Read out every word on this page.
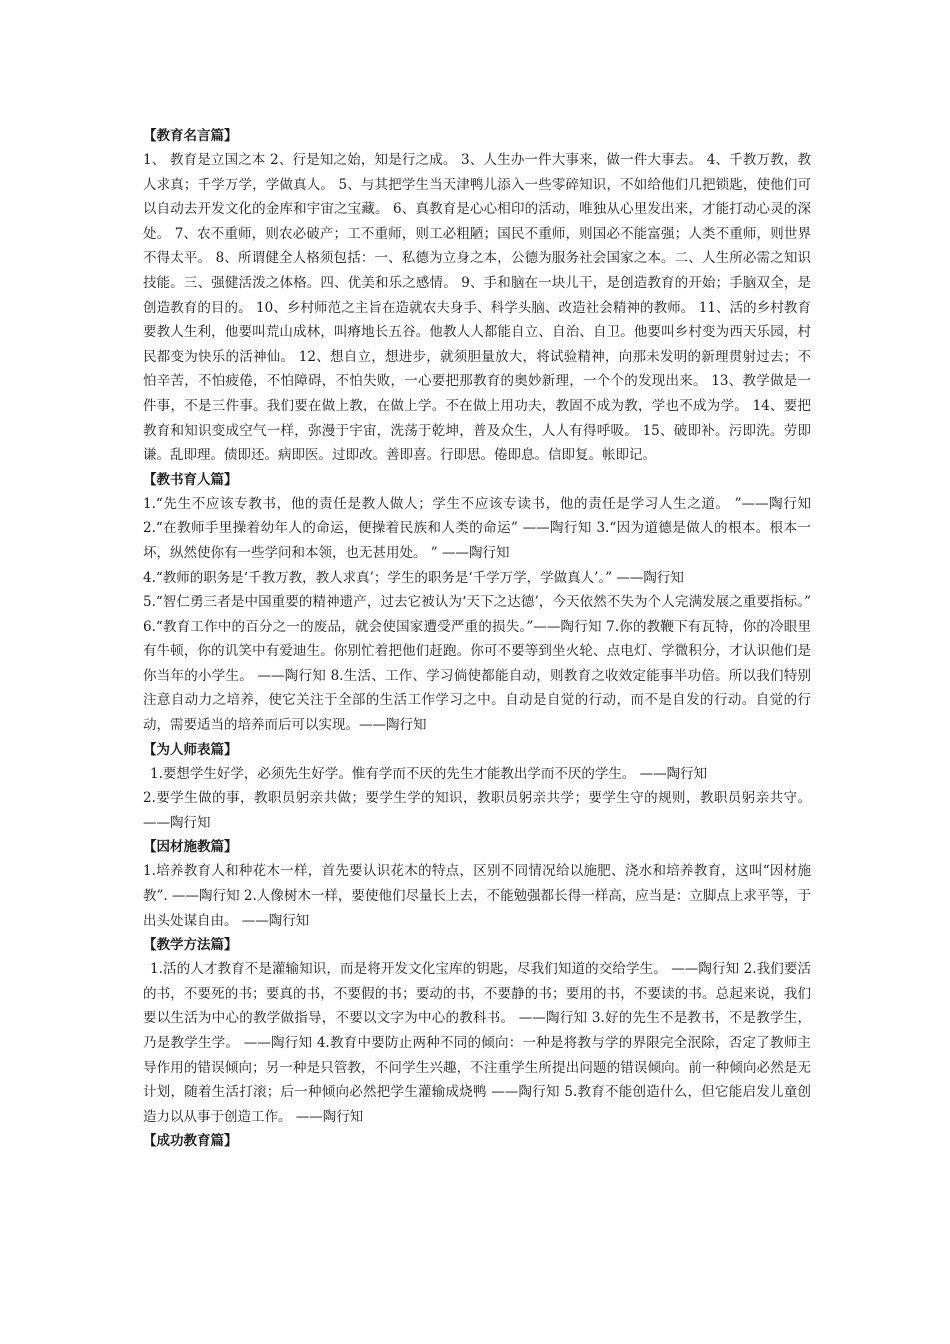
【教育名言篇】

1、 教育是立国之本 2、行是知之始，知是行之成。 3、人生办一件大事来，做一件大事去。 4、千教万教，教人求真；千学万学，学做真人。 5、与其把学生当天津鸭儿添入一些零碎知识，不如给他们几把锁匙，使他们可以自动去开发文化的金库和宇宙之宝藏。 6、真教育是心心相印的活动，唯独从心里发出来，才能打动心灵的深处。 7、农不重师，则农必破产；工不重师，则工必粗陋；国民不重师，则国必不能富强；人类不重师，则世界不得太平。 8、所谓健全人格须包括：一、私德为立身之本，公德为服务社会国家之本。二、人生所必需之知识技能。三、强健活泼之体格。四、优美和乐之感情。 9、手和脑在一块儿干，是创造教育的开始；手脑双全，是创造教育的目的。 10、乡村师范之主旨在造就农夫身手、科学头脑、改造社会精神的教师。 11、活的乡村教育要教人生利，他要叫荒山成林，叫瘠地长五谷。他教人人都能自立、自治、自卫。他要叫乡村变为西天乐园，村民都变为快乐的活神仙。 12、想自立，想进步，就须胆量放大，将试验精神，向那未发明的新理贯射过去；不怕辛苦，不怕疲倦，不怕障碍，不怕失败，一心要把那教育的奥妙新理，一个个的发现出来。 13、教学做是一件事，不是三件事。我们要在做上教，在做上学。不在做上用功夫，教固不成为教，学也不成为学。 14、要把教育和知识变成空气一样，弥漫于宇宙，洗荡于乾坤，普及众生，人人有得呼吸。 15、破即补。污即洗。劳即谦。乱即理。债即还。病即医。过即改。善即喜。行即思。倦即息。信即复。帐即记。

【教书育人篇】

1.“先生不应该专教书，他的责任是教人做人；学生不应该专读书，他的责任是学习人生之道。 ”——陶行知 2.“在教师手里操着幼年人的命运，便操着民族和人类的命运” ——陶行知 3.“因为道德是做人的根本。根本一坏，纵然使你有一些学问和本领，也无甚用处。 ” ——陶行知

4.“教师的职务是‘千教万教，教人求真’；学生的职务是‘千学万学，学做真人’。” ——陶行知

5.“智仁勇三者是中国重要的精神遗产，过去它被认为‘天下之达德’，今天依然不失为个人完满发展之重要指标。” 6.“教育工作中的百分之一的废品，就会使国家遭受严重的损失。”——陶行知 7.你的教鞭下有瓦特，你的冷眼里有牛顿，你的讥笑中有爱迪生。你别忙着把他们赶跑。你可不要等到坐火轮、点电灯、学微积分，才认识他们是你当年的小学生。 ——陶行知 8.生活、工作、学习倘使都能自动，则教育之收效定能事半功倍。所以我们特别注意自动力之培养，使它关注于全部的生活工作学习之中。自动是自觉的行动，而不是自发的行动。自觉的行动，需要适当的培养而后可以实现。——陶行知

【为人师表篇】

1.要想学生好学，必须先生好学。惟有学而不厌的先生才能教出学而不厌的学生。 ——陶行知

2.要学生做的事，教职员躬亲共做；要学生学的知识，教职员躬亲共学；要学生守的规则，教职员躬亲共守。——陶行知

【因材施教篇】

1.培养教育人和种花木一样，首先要认识花木的特点，区别不同情况给以施肥、浇水和培养教育，这叫“因材施教”. ——陶行知 2.人像树木一样，要使他们尽量长上去，不能勉强都长得一样高，应当是：立脚点上求平等，于出头处谋自由。 ——陶行知

【教学方法篇】

1.活的人才教育不是灌输知识，而是将开发文化宝库的钥匙，尽我们知道的交给学生。 ——陶行知 2.我们要活的书，不要死的书；要真的书，不要假的书；要动的书，不要静的书；要用的书，不要读的书。总起来说，我们要以生活为中心的教学做指导，不要以文字为中心的教科书。 ——陶行知 3.好的先生不是教书，不是教学生，乃是教学生学。 ——陶行知 4.教育中要防止两种不同的倾向：一种是将教与学的界限完全泯除，否定了教师主导作用的错误倾向；另一种是只管教，不问学生兴趣，不注重学生所提出问题的错误倾向。前一种倾向必然是无计划，随着生活打滚；后一种倾向必然把学生灌输成烧鸭 ——陶行知 5.教育不能创造什么，但它能启发儿童创造力以从事于创造工作。 ——陶行知

【成功教育篇】
